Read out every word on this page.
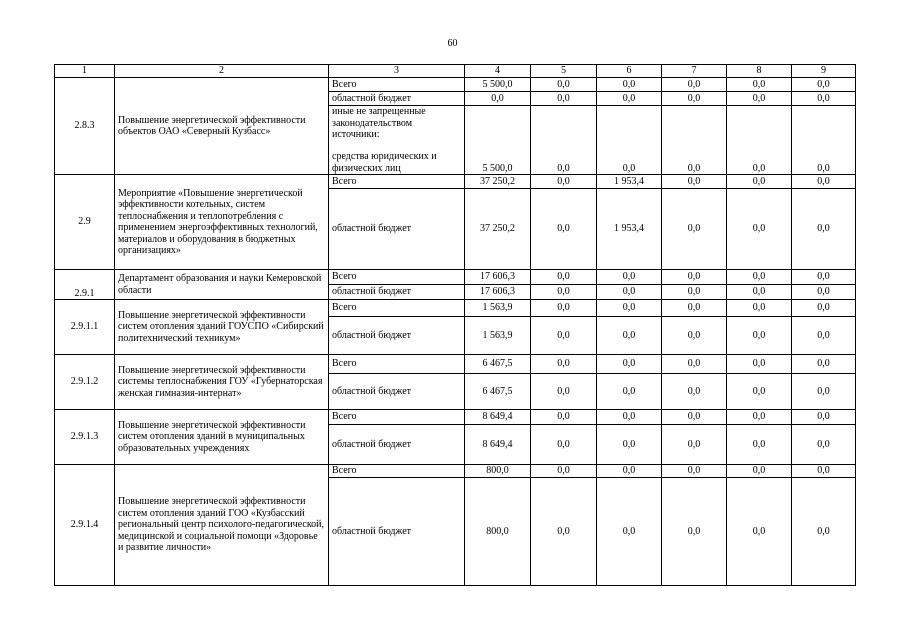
60
1	2	3	4	5	6	7	8	9
2.8.3	Повышение энергетической эффективности объектов ОАО «Северный Кузбасс»	Всего	5 500,0	0,0	0,0	0,0	0,0	0,0
		областной бюджет	0,0	0,0	0,0	0,0	0,0	0,0
		иные не запрещенные законодательством источники:						
		средства юридических и физических лиц	5 500,0	0,0	0,0	0,0	0,0	0,0
2.9	Мероприятие «Повышение энергетической эффективности котельных, систем теплоснабжения и теплопотребления с применением энергоэффективных технологий, материалов и оборудования в бюджетных организациях»	Всего	37 250,2	0,0	1 953,4	0,0	0,0	0,0
		областной бюджет	37 250,2	0,0	1 953,4	0,0	0,0	0,0
2.9.1	Департамент образования и науки Кемеровской области	Всего	17 606,3	0,0	0,0	0,0	0,0	0,0
		областной бюджет	17 606,3	0,0	0,0	0,0	0,0	0,0
2.9.1.1	Повышение энергетической эффективности систем отопления зданий ГОУСПО «Сибирский политехнический техникум»	Всего	1 563,9	0,0	0,0	0,0	0,0	0,0
		областной бюджет	1 563,9	0,0	0,0	0,0	0,0	0,0
2.9.1.2	Повышение энергетической эффективности системы теплоснабжения ГОУ «Губернаторская женская гимназия-интернат»	Всего	6 467,5	0,0	0,0	0,0	0,0	0,0
		областной бюджет	6 467,5	0,0	0,0	0,0	0,0	0,0
2.9.1.3	Повышение энергетической эффективности систем отопления зданий в муниципальных образовательных учреждениях	Всего	8 649,4	0,0	0,0	0,0	0,0	0,0
		областной бюджет	8 649,4	0,0	0,0	0,0	0,0	0,0
2.9.1.4	Повышение энергетической эффективности систем отопления зданий ГОО «Кузбасский региональный центр психолого-педагогической, медицинской и социальной помощи «Здоровье и развитие личности»	Всего	800,0	0,0	0,0	0,0	0,0	0,0
		областной бюджет	800,0	0,0	0,0	0,0	0,0	0,0
